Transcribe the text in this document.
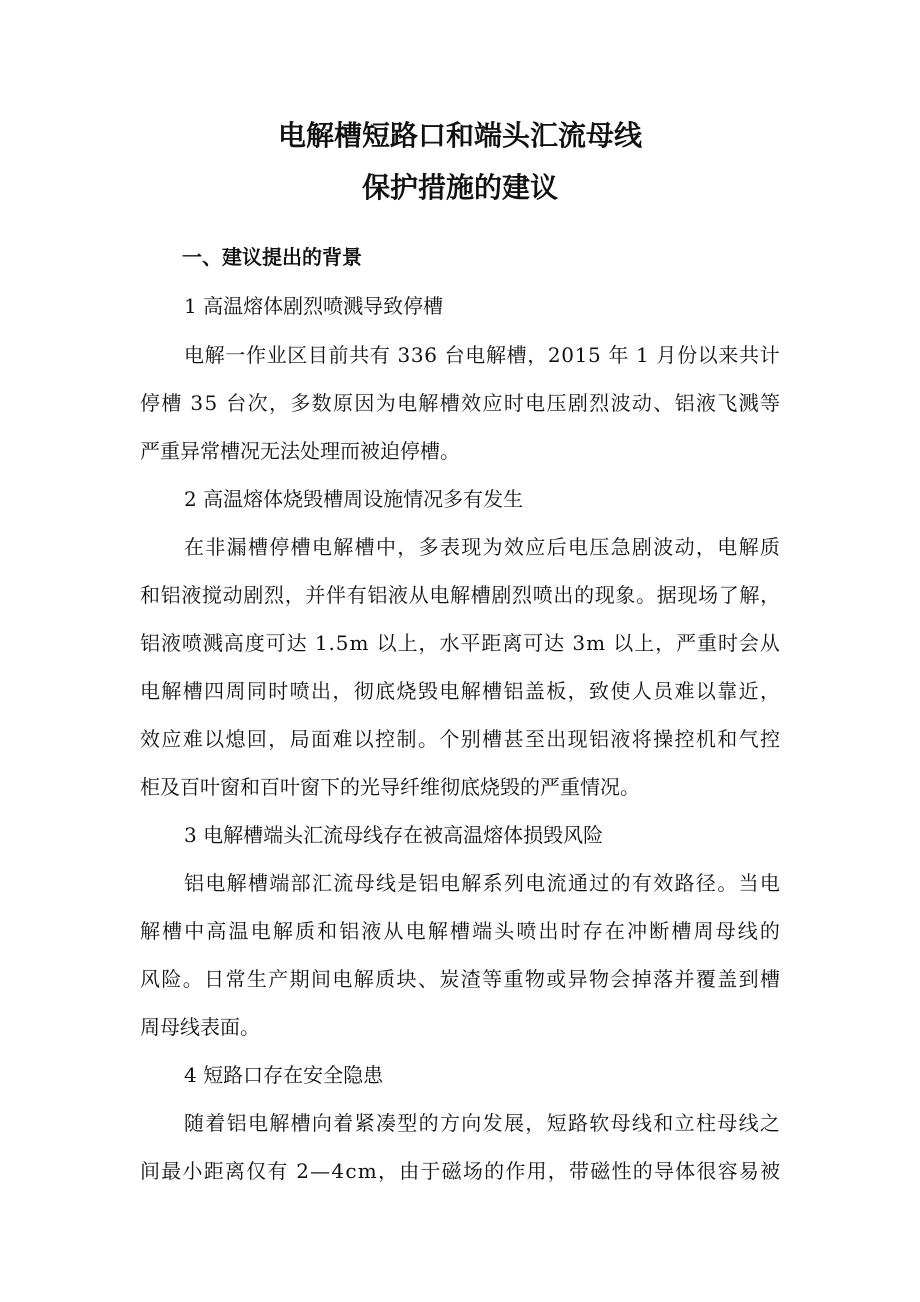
电解槽短路口和端头汇流母线
保护措施的建议
一、建议提出的背景
1 高温熔体剧烈喷溅导致停槽
电解一作业区目前共有 336 台电解槽，2015 年 1 月份以来共计
停槽 35 台次，多数原因为电解槽效应时电压剧烈波动、铝液飞溅等
严重异常槽况无法处理而被迫停槽。
2 高温熔体烧毁槽周设施情况多有发生
在非漏槽停槽电解槽中，多表现为效应后电压急剧波动，电解质
和铝液搅动剧烈，并伴有铝液从电解槽剧烈喷出的现象。据现场了解，
铝液喷溅高度可达 1.5m 以上，水平距离可达 3m 以上，严重时会从
电解槽四周同时喷出，彻底烧毁电解槽铝盖板，致使人员难以靠近，
效应难以熄回，局面难以控制。个别槽甚至出现铝液将操控机和气控
柜及百叶窗和百叶窗下的光导纤维彻底烧毁的严重情况。
3 电解槽端头汇流母线存在被高温熔体损毁风险
铝电解槽端部汇流母线是铝电解系列电流通过的有效路径。当电
解槽中高温电解质和铝液从电解槽端头喷出时存在冲断槽周母线的
风险。日常生产期间电解质块、炭渣等重物或异物会掉落并覆盖到槽
周母线表面。
4 短路口存在安全隐患
随着铝电解槽向着紧凑型的方向发展，短路软母线和立柱母线之
间最小距离仅有 2—4cm，由于磁场的作用，带磁性的导体很容易被
